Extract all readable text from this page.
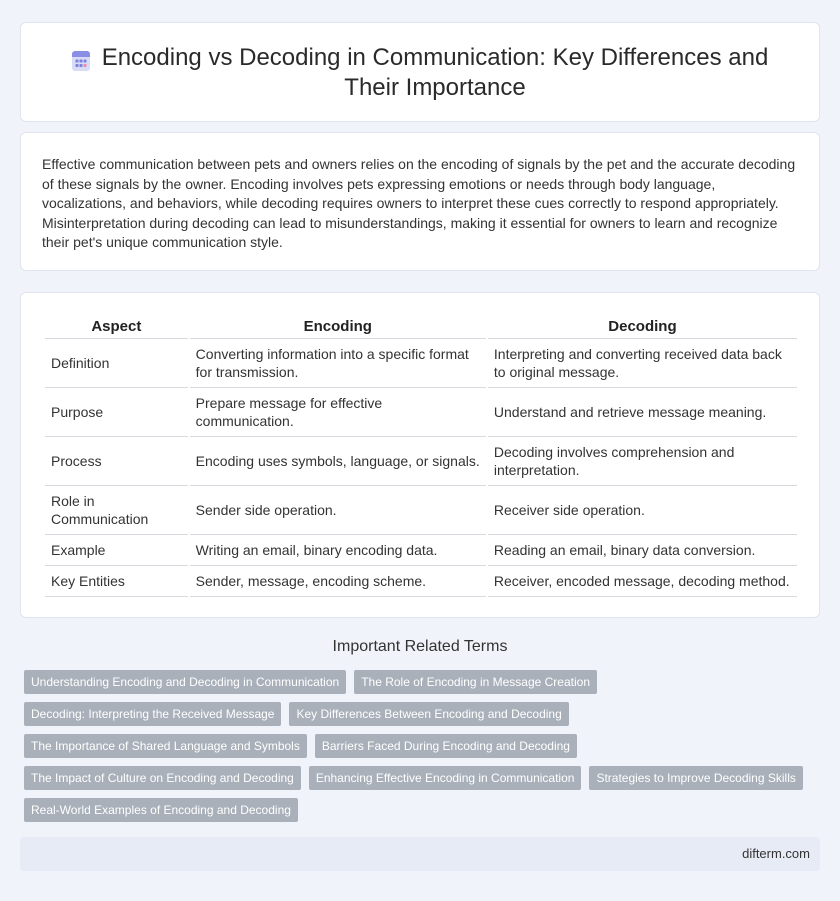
Encoding vs Decoding in Communication: Key Differences and Their Importance

Effective communication between pets and owners relies on the encoding of signals by the pet and the accurate decoding of these signals by the owner. Encoding involves pets expressing emotions or needs through body language, vocalizations, and behaviors, while decoding requires owners to interpret these cues correctly to respond appropriately. Misinterpretation during decoding can lead to misunderstandings, making it essential for owners to learn and recognize their pet's unique communication style.

Aspect	Encoding	Decoding
Definition	Converting information into a specific format for transmission.	Interpreting and converting received data back to original message.
Purpose	Prepare message for effective communication.	Understand and retrieve message meaning.
Process	Encoding uses symbols, language, or signals.	Decoding involves comprehension and interpretation.
Role in Communication	Sender side operation.	Receiver side operation.
Example	Writing an email, binary encoding data.	Reading an email, binary data conversion.
Key Entities	Sender, message, encoding scheme.	Receiver, encoded message, decoding method.
Important Related Terms
Understanding Encoding and Decoding in Communication	The Role of Encoding in Message Creation
Decoding: Interpreting the Received Message	Key Differences Between Encoding and Decoding
The Importance of Shared Language and Symbols	Barriers Faced During Encoding and Decoding
The Impact of Culture on Encoding and Decoding	Enhancing Effective Encoding in Communication	Strategies to Improve Decoding Skills
Real-World Examples of Encoding and Decoding
difterm.com
